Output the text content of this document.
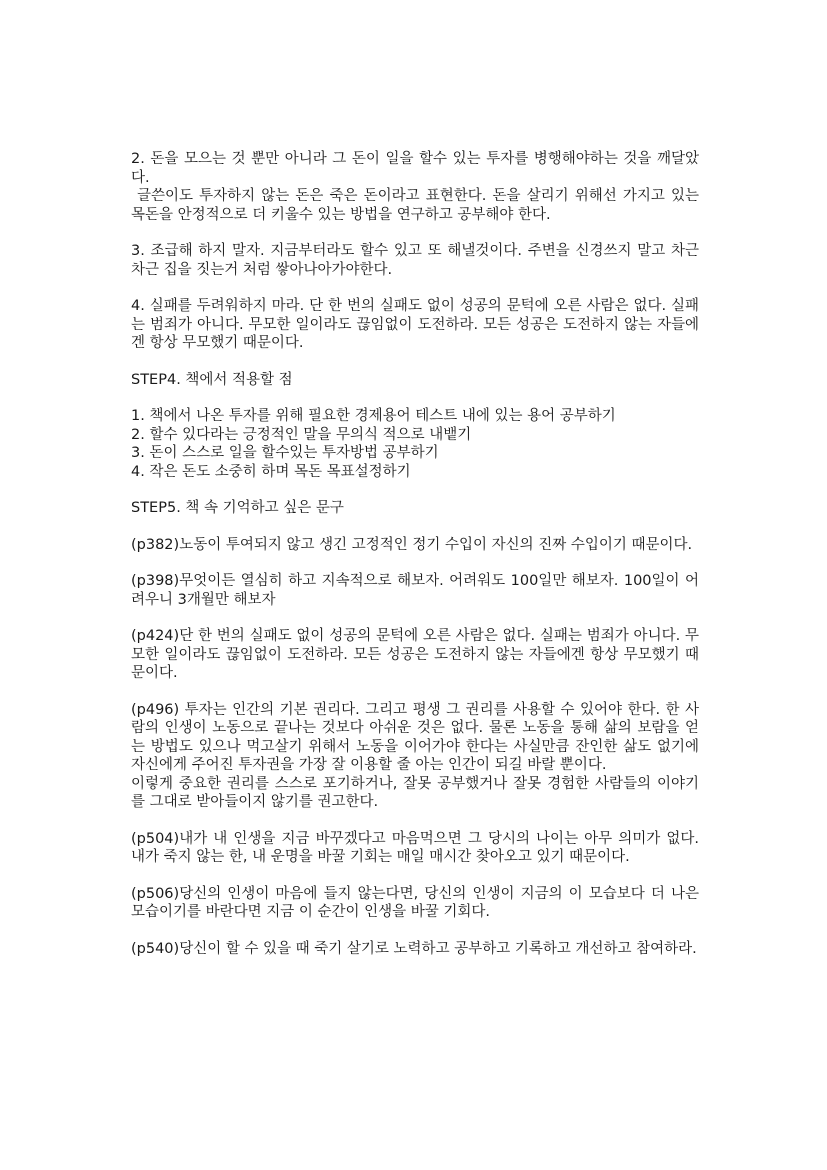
2. 돈을 모으는 것 뿐만 아니라 그 돈이 일을 할수 있는 투자를 병행해야하는 것을 깨달았다.

글쓴이도 투자하지 않는 돈은 죽은 돈이라고 표현한다. 돈을 살리기 위해선 가지고 있는 목돈을 안정적으로 더 키울수 있는 방법을 연구하고 공부해야 한다.

3. 조급해 하지 말자. 지금부터라도 할수 있고 또 해낼것이다. 주변을 신경쓰지 말고 차근차근 집을 짓는거 처럼 쌓아나아가야한다.

4. 실패를 두려워하지 마라. 단 한 번의 실패도 없이 성공의 문턱에 오른 사람은 없다. 실패는 범죄가 아니다. 무모한 일이라도 끊임없이 도전하라. 모든 성공은 도전하지 않는 자들에겐 항상 무모했기 때문이다.

STEP4. 책에서 적용할 점

1. 책에서 나온 투자를 위해 필요한 경제용어 테스트 내에 있는 용어 공부하기

2. 할수 있다라는 긍정적인 말을 무의식 적으로 내뱉기

3. 돈이 스스로 일을 할수있는 투자방법 공부하기

4. 작은 돈도 소중히 하며 목돈 목표설정하기

STEP5. 책 속 기억하고 싶은 문구

(p382)노동이 투여되지 않고 생긴 고정적인 정기 수입이 자신의 진짜 수입이기 때문이다.

(p398)무엇이든 열심히 하고 지속적으로 해보자. 어려워도 100일만 해보자. 100일이 어려우니 3개월만 해보자

(p424)단 한 번의 실패도 없이 성공의 문턱에 오른 사람은 없다. 실패는 범죄가 아니다. 무모한 일이라도 끊임없이 도전하라. 모든 성공은 도전하지 않는 자들에겐 항상 무모했기 때문이다.

(p496) 투자는 인간의 기본 권리다. 그리고 평생 그 권리를 사용할 수 있어야 한다. 한 사람의 인생이 노동으로 끝나는 것보다 아쉬운 것은 없다. 물론 노동을 통해 삶의 보람을 얻는 방법도 있으나 먹고살기 위해서 노동을 이어가야 한다는 사실만큼 잔인한 삶도 없기에 자신에게 주어진 투자권을 가장 잘 이용할 줄 아는 인간이 되길 바랄 뿐이다.

이렇게 중요한 권리를 스스로 포기하거나, 잘못 공부했거나 잘못 경험한 사람들의 이야기를 그대로 받아들이지 않기를 권고한다.

(p504)내가 내 인생을 지금 바꾸겠다고 마음먹으면 그 당시의 나이는 아무 의미가 없다. 내가 죽지 않는 한, 내 운명을 바꿀 기회는 매일 매시간 찾아오고 있기 때문이다.

(p506)당신의 인생이 마음에 들지 않는다면, 당신의 인생이 지금의 이 모습보다 더 나은 모습이기를 바란다면 지금 이 순간이 인생을 바꿀 기회다.

(p540)당신이 할 수 있을 때 죽기 살기로 노력하고 공부하고 기록하고 개선하고 참여하라.
